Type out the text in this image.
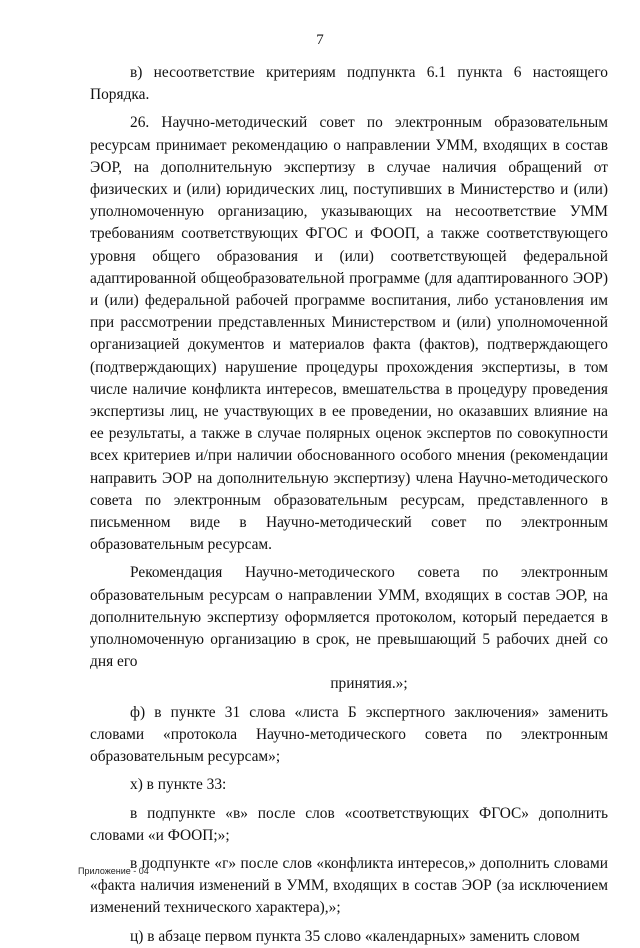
7

в) несоответствие критериям подпункта 6.1 пункта 6 настоящего Порядка.

26. Научно-методический совет по электронным образовательным ресурсам принимает рекомендацию о направлении УММ, входящих в состав ЭОР, на дополнительную экспертизу в случае наличия обращений от физических и (или) юридических лиц, поступивших в Министерство и (или) уполномоченную организацию, указывающих на несоответствие УММ требованиям соответствующих ФГОС и ФООП, а также соответствующего уровня общего образования и (или) соответствующей федеральной адаптированной общеобразовательной программе (для адаптированного ЭОР) и (или) федеральной рабочей программе воспитания, либо установления им при рассмотрении представленных Министерством и (или) уполномоченной организацией документов и материалов факта (фактов), подтверждающего (подтверждающих) нарушение процедуры прохождения экспертизы, в том числе наличие конфликта интересов, вмешательства в процедуру проведения экспертизы лиц, не участвующих в ее проведении, но оказавших влияние на ее результаты, а также в случае полярных оценок экспертов по совокупности всех критериев и/при наличии обоснованного особого мнения (рекомендации направить ЭОР на дополнительную экспертизу) члена Научно-методического совета по электронным образовательным ресурсам, представленного в письменном виде в Научно-методический совет по электронным образовательным ресурсам.

Рекомендация Научно-методического совета по электронным образовательным ресурсам о направлении УММ, входящих в состав ЭОР, на дополнительную экспертизу оформляется протоколом, который передается в уполномоченную организацию в срок, не превышающий 5 рабочих дней со дня его
принятия.»;

ф) в пункте 31 слова «листа Б экспертного заключения» заменить словами «протокола Научно-методического совета по электронным образовательным ресурсам»;

х) в пункте 33:

в подпункте «в» после слов «соответствующих ФГОС» дополнить словами «и ФООП;»;

в подпункте «г» после слов «конфликта интересов,» дополнить словами «факта наличия изменений в УММ, входящих в состав ЭОР (за исключением изменений технического характера),»;

ц) в абзаце первом пункта 35 слово «календарных» заменить словом

Приложение - 04
